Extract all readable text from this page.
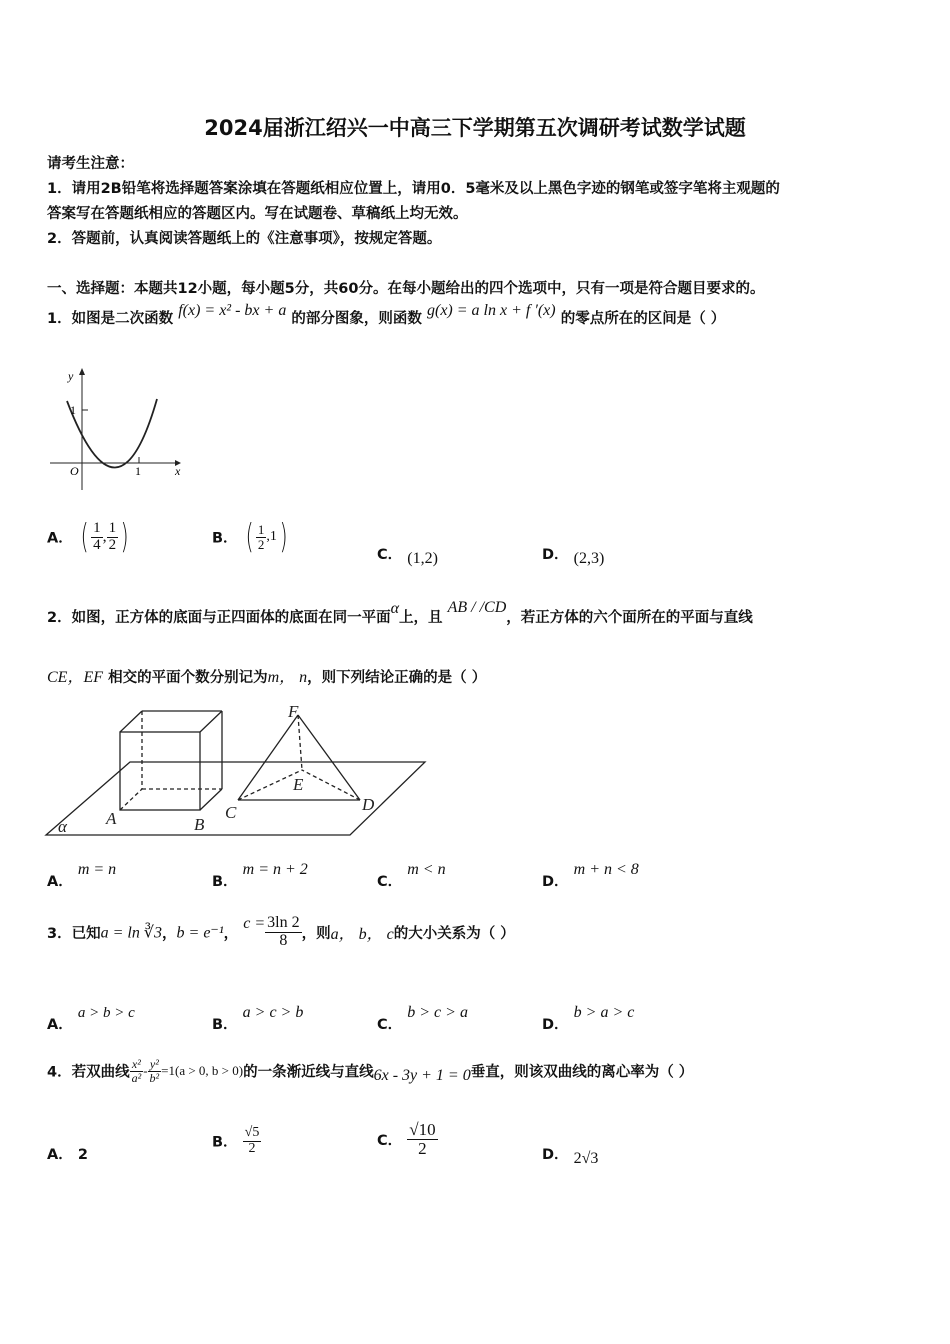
2024届浙江绍兴一中高三下学期第五次调研考试数学试题
请考生注意：
1．请用2B铅笔将选择题答案涂填在答题纸相应位置上，请用0．5毫米及以上黑色字迹的钢笔或签字笔将主观题的
答案写在答题纸相应的答题区内。写在试题卷、草稿纸上均无效。
2．答题前，认真阅读答题纸上的《注意事项》，按规定答题。
一、选择题：本题共12小题，每小题5分，共60分。在每小题给出的四个选项中，只有一项是符合题目要求的。
1．如图是二次函数 f(x) = x² - bx + a 的部分图象，则函数 g(x) = a ln x + f ′(x) 的零点所在的区间是（ ）
y
x
1
O	1
A． ( $\frac{1}{4}$ , $\frac{1}{2}$ )	B． ( $\frac{1}{2} ,1$)	C． (1,2)	D． (2,3)
2．如图，正方体的底面与正四面体的底面在同一平面α上，且 AB / /CD，若正方体的六个面所在的平面与直线
CE，EF 相交的平面个数分别记为m， n，则下列结论正确的是（ ）
F
E
C	D
A	B
α
A． m = n
B． m = n + 2
C． m < n
D． m + n < 8
3．已知a = ln ∛3，b = e⁻¹， $c = \frac{3\ln 2}{8}$ ，则a， b， c的大小关系为（ ）
A． a > b > c
B． a > c > b
C． b > c > a
D． b > a > c
4．若双曲线 $\frac{\text{x²}}{\text{a²}} - \frac{\text{y²}}{\text{b²}} =1(a > 0$, b > 0)的一条渐近线与直线6x - 3y + 1 = 0垂直，则该双曲线的离心率为（ ）
A． 2
B． $\frac{√5}{2}$	C． $\frac{√10}{2}$	D． 2√3
